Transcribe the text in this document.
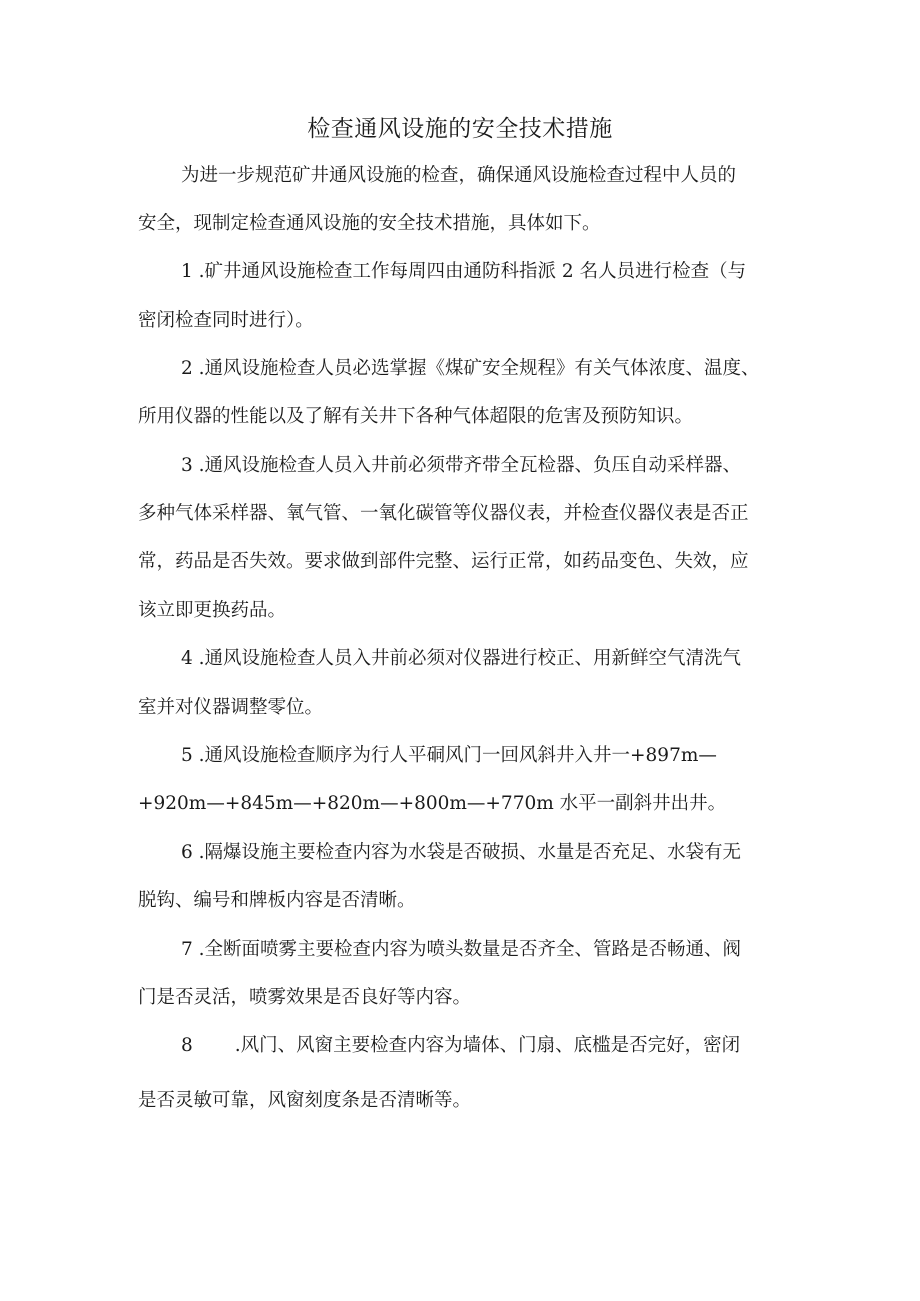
检查通风设施的安全技术措施
为进一步规范矿井通风设施的检查，确保通风设施检查过程中人员的
安全，现制定检查通风设施的安全技术措施，具体如下。
1 .矿井通风设施检查工作每周四由通防科指派 2 名人员进行检查（与
密闭检查同时进行）。
2 .通风设施检查人员必选掌握《煤矿安全规程》有关气体浓度、温度、
所用仪器的性能以及了解有关井下各种气体超限的危害及预防知识。
3 .通风设施检查人员入井前必须带齐带全瓦检器、负压自动采样器、
多种气体采样器、氧气管、一氧化碳管等仪器仪表，并检查仪器仪表是否正
常，药品是否失效。要求做到部件完整、运行正常，如药品变色、失效，应
该立即更换药品。
4 .通风设施检查人员入井前必须对仪器进行校正、用新鲜空气清洗气
室并对仪器调整零位。
5 .通风设施检查顺序为行人平硐风门一回风斜井入井一+897m—
+920m—+845m—+820m—+800m—+770m 水平一副斜井出井。
6 .隔爆设施主要检查内容为水袋是否破损、水量是否充足、水袋有无
脱钩、编号和牌板内容是否清晰。
7 .全断面喷雾主要检查内容为喷头数量是否齐全、管路是否畅通、阀
门是否灵活，喷雾效果是否良好等内容。
8 .风门、风窗主要检查内容为墙体、门扇、底槛是否完好，密闭
是否灵敏可靠，风窗刻度条是否清晰等。
